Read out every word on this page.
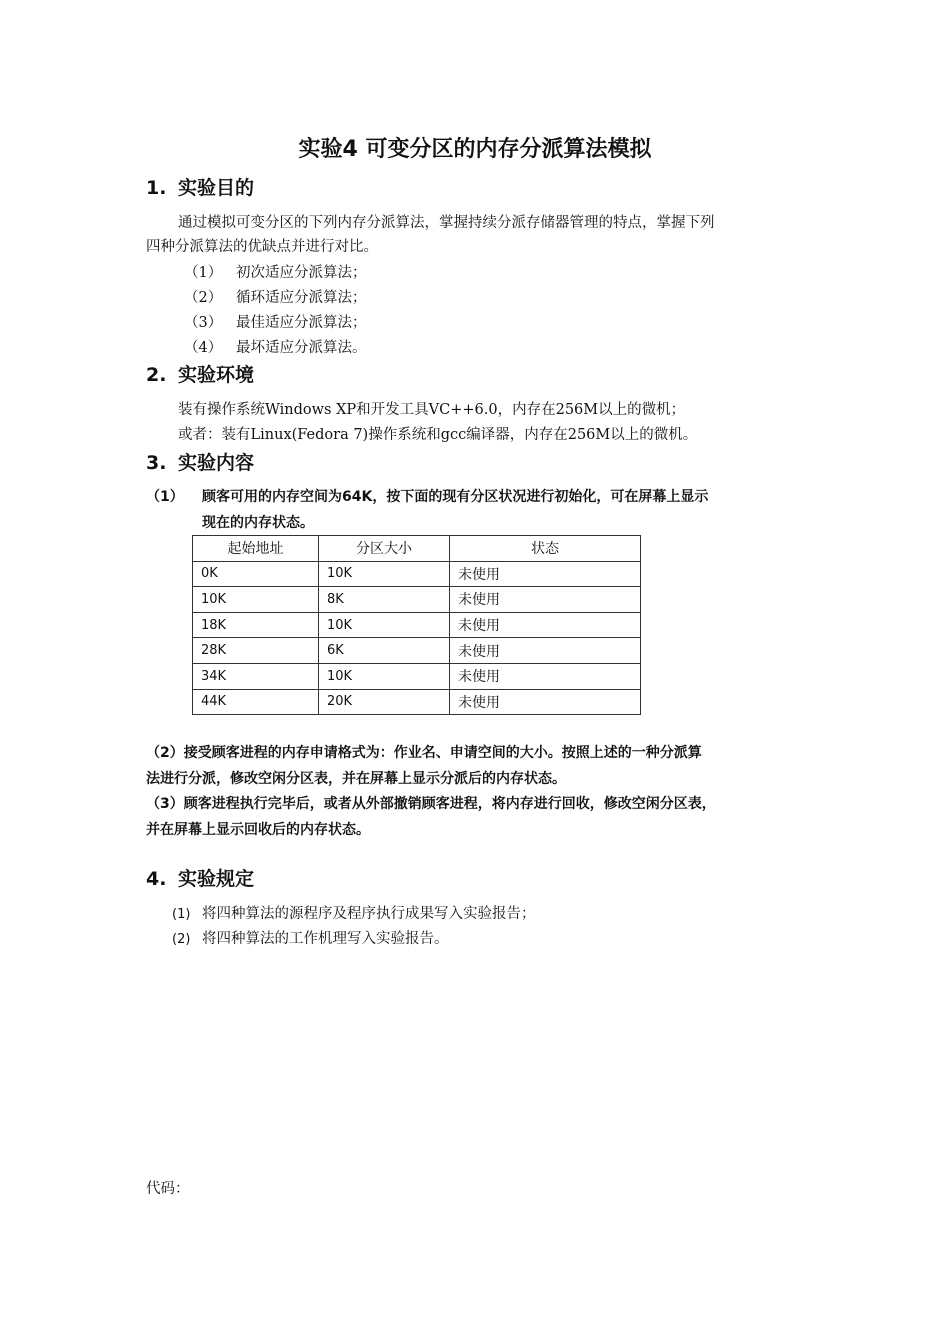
实验4 可变分区的内存分派算法模拟
1. 实验目的
通过模拟可变分区的下列内存分派算法，掌握持续分派存储器管理的特点，掌握下列
四种分派算法的优缺点并进行对比。
（1） 初次适应分派算法；
（2） 循环适应分派算法；
（3） 最佳适应分派算法；
（4） 最坏适应分派算法。
2. 实验环境
装有操作系统Windows XP和开发工具VC++6.0，内存在256M以上的微机；
或者：装有Linux(Fedora 7)操作系统和gcc编译器，内存在256M以上的微机。
3. 实验内容
（1） 顾客可用的内存空间为64K，按下面的现有分区状况进行初始化，可在屏幕上显示
现在的内存状态。
起始地址	分区大小	状态
0K	10K	未使用
10K	8K	未使用
18K	10K	未使用
28K	6K	未使用
34K	10K	未使用
44K	20K	未使用
（2）接受顾客进程的内存申请格式为：作业名、申请空间的大小。按照上述的一种分派算
法进行分派，修改空闲分区表，并在屏幕上显示分派后的内存状态。
（3）顾客进程执行完毕后，或者从外部撤销顾客进程，将内存进行回收，修改空闲分区表，
并在屏幕上显示回收后的内存状态。
4. 实验规定
(1) 将四种算法的源程序及程序执行成果写入实验报告；
(2) 将四种算法的工作机理写入实验报告。
代码：
